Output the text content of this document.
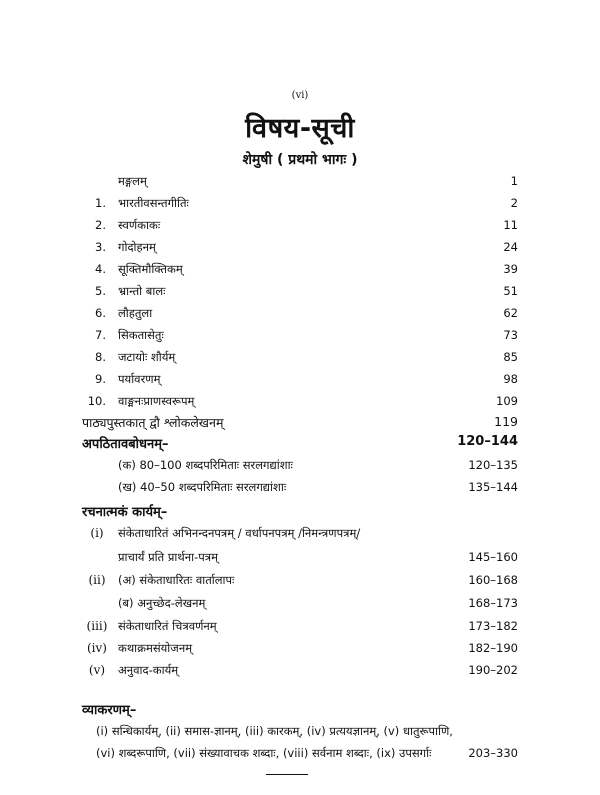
(vi)
विषय-सूची
शेमुषी ( प्रथमो भागः )
मङ्गलम्	1
1. भारतीवसन्तगीतिः	2
2. स्वर्णकाकः	11
3. गोदोहनम्	24
4. सूक्तिमौक्तिकम्	39
5. भ्रान्तो बालः	51
6. लौहतुला	62
7. सिकतासेतुः	73
8. जटायोः शौर्यम्	85
9. पर्यावरणम्	98
10. वाङ्मनःप्राणस्वरूपम्	109
पाठ्यपुस्तकात् द्वौ श्लोकलेखनम्	119
अपठितावबोधनम्–	120–144
(क) 80–100 शब्दपरिमिताः सरलगद्यांशाः	120–135
(ख) 40–50 शब्दपरिमिताः सरलगद्यांशाः	135–144
रचनात्मकं कार्यम्–
(i)	संकेताधारितं अभिनन्दनपत्रम् / वर्धापनपत्रम् /निमन्त्रणपत्रम्/
प्राचार्यं प्रति प्रार्थना-पत्रम्	145–160
(ii)	(अ) संकेताधारितः वार्तालापः	160–168
(ब) अनुच्छेद-लेखनम्	168–173
(iii) संकेताधारितं चित्रवर्णनम्	173–182
(iv) कथाक्रमसंयोजनम्	182–190
(v)	अनुवाद-कार्यम्	190–202
व्याकरणम्–
(i) सन्धिकार्यम्, (ii) समास-ज्ञानम्, (iii) कारकम्, (iv) प्रत्ययज्ञानम्, (v) धातुरूपाणि,
(vi) शब्दरूपाणि, (vii) संख्यावाचक शब्दाः, (viii) सर्वनाम शब्दाः, (ix) उपसर्गाः	203–330
